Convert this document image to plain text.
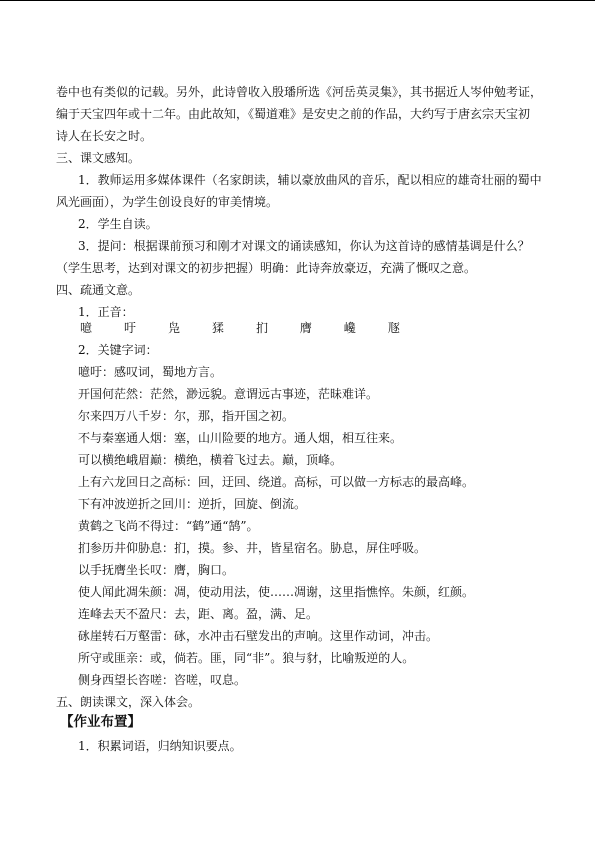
卷中也有类似的记载。另外，此诗曾收入殷璠所选《河岳英灵集》，其书据近人岑仲勉考证，
编于天宝四年或十二年。由此故知，《蜀道难》是安史之前的作品，大约写于唐玄宗天宝初
诗人在长安之时。
三、课文感知。
1．教师运用多媒体课件（名家朗读，辅以豪放曲风的音乐，配以相应的雄奇壮丽的蜀中
风光画面），为学生创设良好的审美情境。
2．学生自读。
3．提问：根据课前预习和刚才对课文的诵读感知，你认为这首诗的感情基调是什么？
（学生思考，达到对课文的初步把握）明确：此诗奔放豪迈，充满了慨叹之意。
四、疏通文意。
1．正音：
噫	吁	凫	猱	扪	膺	巉	豗
2．关键字词：
噫吁：感叹词，蜀地方言。
开国何茫然：茫然，渺远貌。意谓远古事迹，茫昧难详。
尔来四万八千岁：尔，那，指开国之初。
不与秦塞通人烟：塞，山川险要的地方。通人烟，相互往来。
可以横绝峨眉巅：横绝，横着飞过去。巅，顶峰。
上有六龙回日之高标：回，迂回、绕道。高标，可以做一方标志的最高峰。
下有冲波逆折之回川：逆折，回旋、倒流。
黄鹤之飞尚不得过：“鹤”通“鹄”。
扪参历井仰胁息：扪，摸。参、井，皆星宿名。胁息，屏住呼吸。
以手抚膺坐长叹：膺，胸口。
使人闻此凋朱颜：凋，使动用法，使……凋谢，这里指憔悴。朱颜，红颜。
连峰去天不盈尺：去，距、离。盈，满、足。
砯崖转石万壑雷：砯，水冲击石壁发出的声响。这里作动词，冲击。
所守或匪亲：或，倘若。匪，同“非”。狼与豺，比喻叛逆的人。
侧身西望长咨嗟：咨嗟，叹息。
五、朗读课文，深入体会。
【作业布置】
1．积累词语，归纳知识要点。
